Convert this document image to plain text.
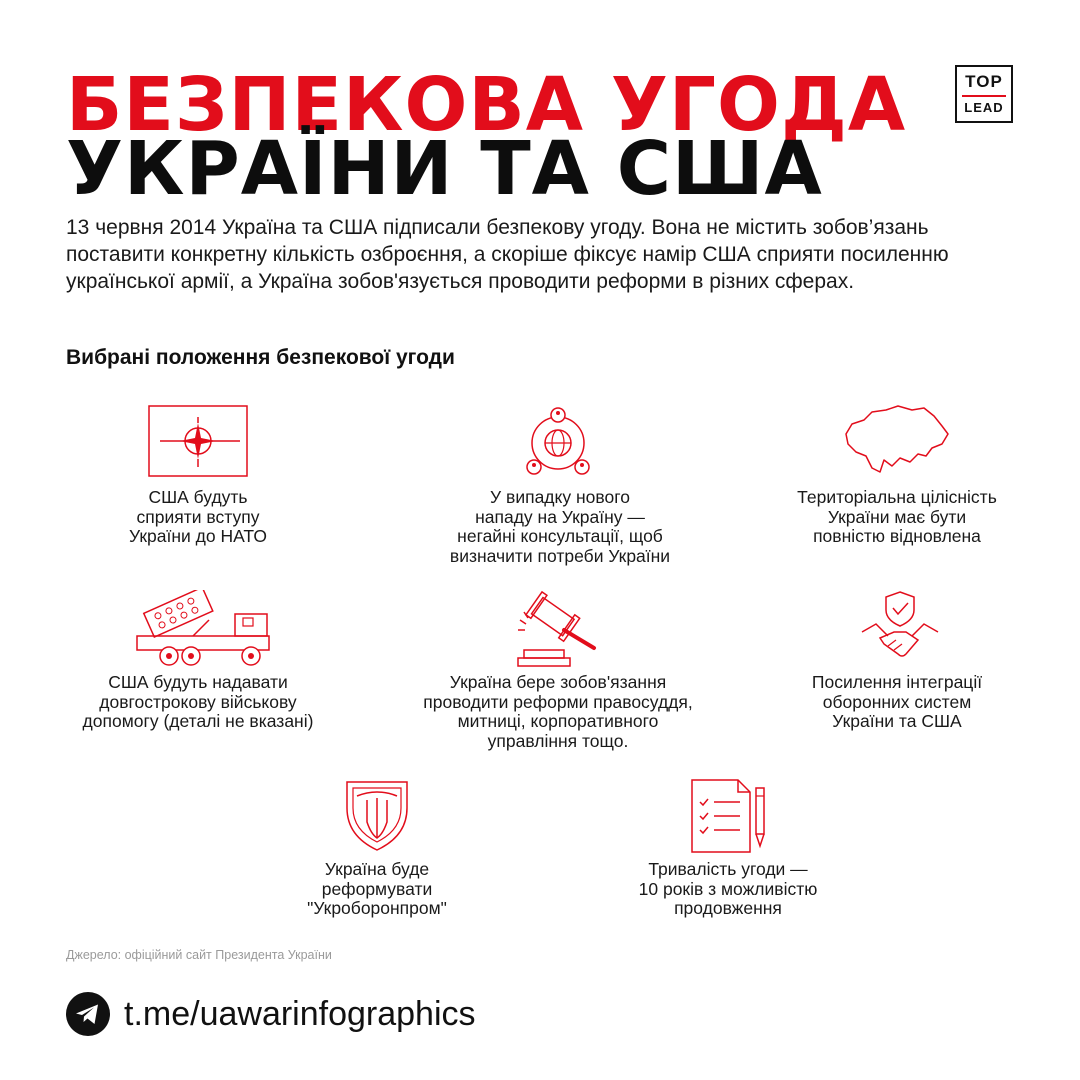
БЕЗПЕКОВА УГОДА
УКРАЇНИ ТА США
TOP
LEAD

13 червня 2014 Україна та США підписали безпекову угоду. Вона не містить зобов’язань поставити конкретну кількість озброєння, а скоріше фіксує намір США сприяти посиленню української армії, а Україна зобов'язується проводити реформи в різних сферах.

Вибрані положення безпекової угоди

США будуть
сприяти вступу
України до НАТО

У випадку нового
нападу на Україну —
негайні консультації, щоб
визначити потреби України

Територіальна цілісність
України має бути
повністю відновлена

США будуть надавати
довгострокову військову
допомогу (деталі не вказані)

Україна бере зобов'язання
проводити реформи правосуддя,
митниці, корпоративного
управління тощо.

Посилення інтеграції
оборонних систем
України та США

Україна буде
реформувати
"Укроборонпром"

Тривалість угоди —
10 років з можливістю
продовження

Джерело: офіційний сайт Президента України
t.me/uawarinfographics
